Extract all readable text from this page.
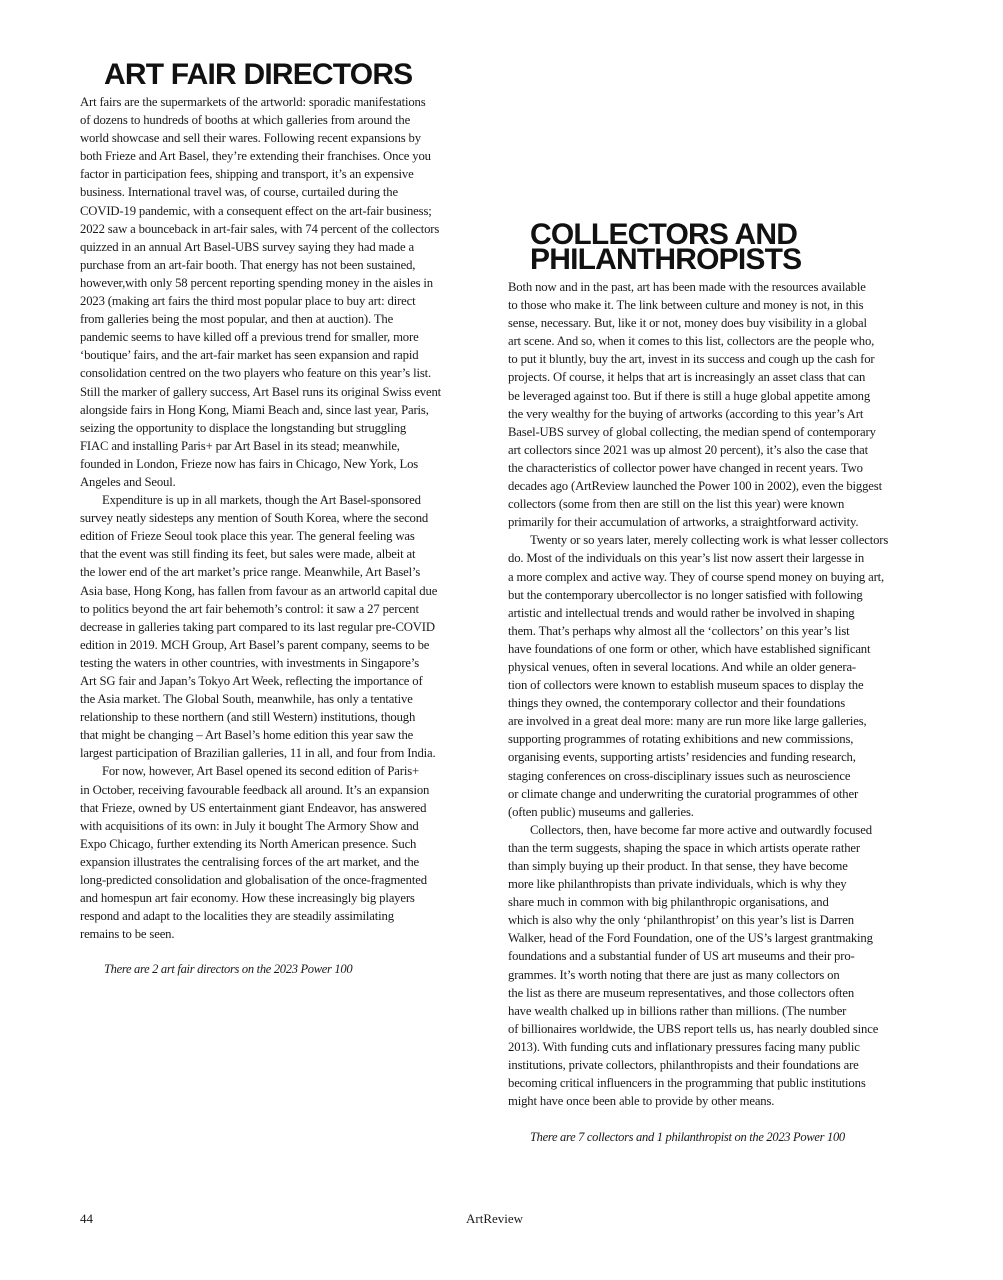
ART FAIR DIRECTORS
Art fairs are the supermarkets of the artworld: sporadic manifestations
of dozens to hundreds of booths at which galleries from around the
world showcase and sell their wares. Following recent expansions by
both Frieze and Art Basel, they’re extending their franchises. Once you
factor in participation fees, shipping and transport, it’s an expensive
business. International travel was, of course, curtailed during the
COVID-19 pandemic, with a consequent effect on the art-fair business;
2022 saw a bounceback in art-fair sales, with 74 percent of the collectors
quizzed in an annual Art Basel-UBS survey saying they had made a
purchase from an art-fair booth. That energy has not been sustained,
however,with only 58 percent reporting spending money in the aisles in
2023 (making art fairs the third most popular place to buy art: direct
from galleries being the most popular, and then at auction). The
pandemic seems to have killed off a previous trend for smaller, more
‘boutique’ fairs, and the art-fair market has seen expansion and rapid
consolidation centred on the two players who feature on this year’s list.
Still the marker of gallery success, Art Basel runs its original Swiss event
alongside fairs in Hong Kong, Miami Beach and, since last year, Paris,
seizing the opportunity to displace the longstanding but struggling
FIAC and installing Paris+ par Art Basel in its stead; meanwhile,
founded in London, Frieze now has fairs in Chicago, New York, Los
Angeles and Seoul.
Expenditure is up in all markets, though the Art Basel-sponsored
survey neatly sidesteps any mention of South Korea, where the second
edition of Frieze Seoul took place this year. The general feeling was
that the event was still finding its feet, but sales were made, albeit at
the lower end of the art market’s price range. Meanwhile, Art Basel’s
Asia base, Hong Kong, has fallen from favour as an artworld capital due
to politics beyond the art fair behemoth’s control: it saw a 27 percent
decrease in galleries taking part compared to its last regular pre-COVID
edition in 2019. MCH Group, Art Basel’s parent company, seems to be
testing the waters in other countries, with investments in Singapore’s
Art SG fair and Japan’s Tokyo Art Week, reflecting the importance of
the Asia market. The Global South, meanwhile, has only a tentative
relationship to these northern (and still Western) institutions, though
that might be changing – Art Basel’s home edition this year saw the
largest participation of Brazilian galleries, 11 in all, and four from India.
For now, however, Art Basel opened its second edition of Paris+
in October, receiving favourable feedback all around. It’s an expansion
that Frieze, owned by US entertainment giant Endeavor, has answered
with acquisitions of its own: in July it bought The Armory Show and
Expo Chicago, further extending its North American presence. Such
expansion illustrates the centralising forces of the art market, and the
long-predicted consolidation and globalisation of the once-fragmented
and homespun art fair economy. How these increasingly big players
respond and adapt to the localities they are steadily assimilating
remains to be seen.
There are 2 art fair directors on the 2023 Power 100
COLLECTORS AND
PHILANTHROPISTS
Both now and in the past, art has been made with the resources available
to those who make it. The link between culture and money is not, in this
sense, necessary. But, like it or not, money does buy visibility in a global
art scene. And so, when it comes to this list, collectors are the people who,
to put it bluntly, buy the art, invest in its success and cough up the cash for
projects. Of course, it helps that art is increasingly an asset class that can
be leveraged against too. But if there is still a huge global appetite among
the very wealthy for the buying of artworks (according to this year’s Art
Basel-UBS survey of global collecting, the median spend of contemporary
art collectors since 2021 was up almost 20 percent), it’s also the case that
the characteristics of collector power have changed in recent years. Two
decades ago (ArtReview launched the Power 100 in 2002), even the biggest
collectors (some from then are still on the list this year) were known
primarily for their accumulation of artworks, a straightforward activity.
Twenty or so years later, merely collecting work is what lesser collectors
do. Most of the individuals on this year’s list now assert their largesse in
a more complex and active way. They of course spend money on buying art,
but the contemporary ubercollector is no longer satisfied with following
artistic and intellectual trends and would rather be involved in shaping
them. That’s perhaps why almost all the ‘collectors’ on this year’s list
have foundations of one form or other, which have established significant
physical venues, often in several locations. And while an older genera-
tion of collectors were known to establish museum spaces to display the
things they owned, the contemporary collector and their foundations
are involved in a great deal more: many are run more like large galleries,
supporting programmes of rotating exhibitions and new commissions,
organising events, supporting artists’ residencies and funding research,
staging conferences on cross-disciplinary issues such as neuroscience
or climate change and underwriting the curatorial programmes of other
(often public) museums and galleries.
Collectors, then, have become far more active and outwardly focused
than the term suggests, shaping the space in which artists operate rather
than simply buying up their product. In that sense, they have become
more like philanthropists than private individuals, which is why they
share much in common with big philanthropic organisations, and
which is also why the only ‘philanthropist’ on this year’s list is Darren
Walker, head of the Ford Foundation, one of the US’s largest grantmaking
foundations and a substantial funder of US art museums and their pro-
grammes. It’s worth noting that there are just as many collectors on
the list as there are museum representatives, and those collectors often
have wealth chalked up in billions rather than millions. (The number
of billionaires worldwide, the UBS report tells us, has nearly doubled since
2013). With funding cuts and inflationary pressures facing many public
institutions, private collectors, philanthropists and their foundations are
becoming critical influencers in the programming that public institutions
might have once been able to provide by other means.
There are 7 collectors and 1 philanthropist on the 2023 Power 100
44	ArtReview
